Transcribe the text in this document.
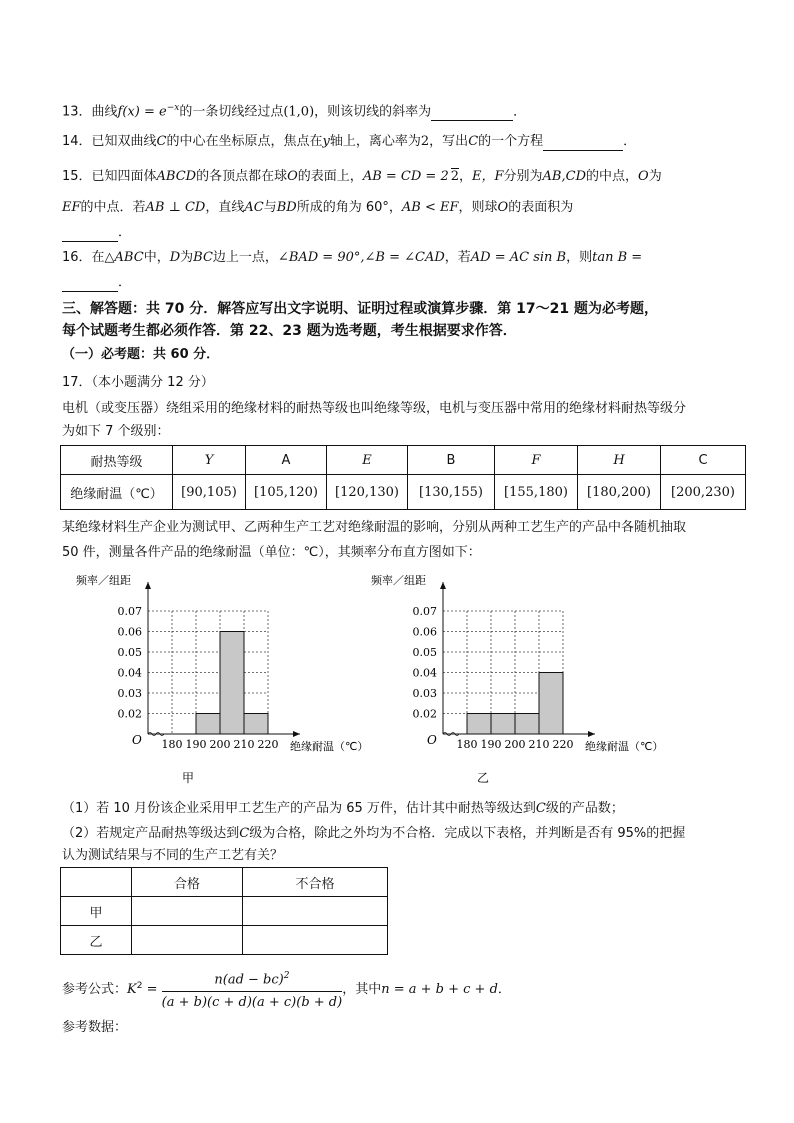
13．曲线$f(x) = e^{-x}$的一条切线经过点(1,0)，则该切线的斜率为	．
14．已知双曲线C的中心在坐标原点，焦点在y轴上，离心率为2，写出C的一个方程	．
15．已知四面体ABCD的各顶点都在球O的表面上，AB = CD = 2 2，E，F分别为AB,CD的中点，O为
EF的中点．若AB ⊥ CD，直线AC与BD所成的角为 60°，AB < EF，则球O的表面积为
．
16．在△ABC中，D为BC边上一点，∠BAD = 90°,∠B = ∠CAD，若AD = AC sin B，则tan B =
．
三、解答题：共 70 分．解答应写出文字说明、证明过程或演算步骤．第 17～21 题为必考题，
每个试题考生都必须作答．第 22、23 题为选考题，考生根据要求作答．
（一）必考题：共 60 分．
17．（本小题满分 12 分）
电机（或变压器）绕组采用的绝缘材料的耐热等级也叫绝缘等级，电机与变压器中常用的绝缘材料耐热等级分
为如下 7 个级别：
耐热等级	Y	A	E	B	F	H	C
绝缘耐温（℃）	[90,105)	[105,120)	[120,130)	[130,155)	[155,180)	[180,200)	[200,230)
某绝缘材料生产企业为测试甲、乙两种生产工艺对绝缘耐温的影响，分别从两种工艺生产的产品中各随机抽取
50 件，测量各件产品的绝缘耐温（单位：℃），其频率分布直方图如下：
0.02
0.03
0.04
0.05
0.06
0.07
180 190 200 210 220
O
频率／组距
绝缘耐温（℃）
甲
0.02
0.03
0.04
0.05
0.06
0.07
180 190 200 210 220
O
频率／组距
绝缘耐温（℃）
乙
（1）若 10 月份该企业采用甲工艺生产的产品为 65 万件，估计其中耐热等级达到C级的产品数；
（2）若规定产品耐热等级达到C级为合格，除此之外均为不合格．完成以下表格，并判断是否有 95%的把握
认为测试结果与不同的生产工艺有关？
	合格	不合格
甲		
乙		
参考公式：$K^2 = \frac{n(ad - bc)^2}{(a + b)(c + d)(a + c)(b + d)}$ ，其中n = a + b + c + d．
参考数据：
